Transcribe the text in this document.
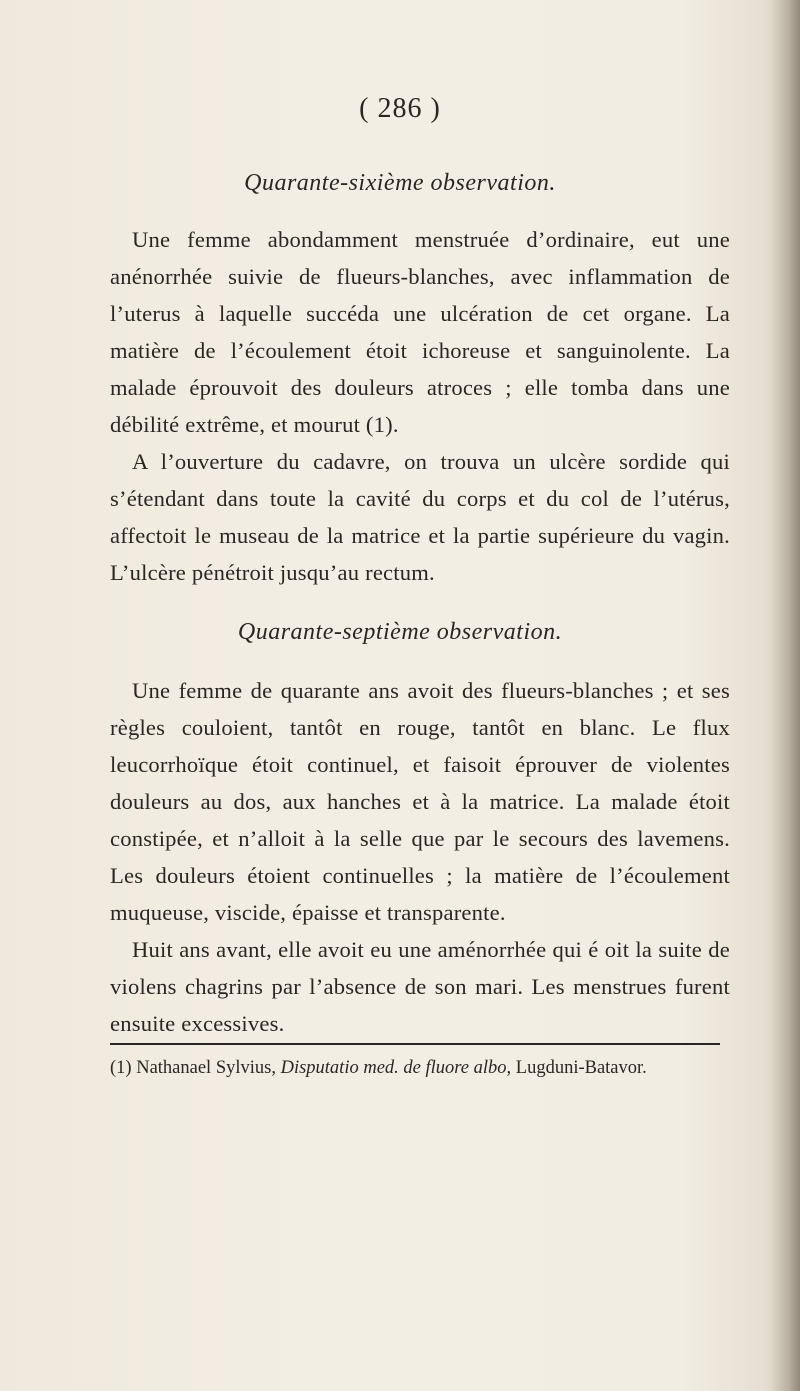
( 286 )
Quarante-sixième observation.

Une femme abondamment menstruée d’ordinaire, eut une anénorrhée suivie de flueurs-blanches, avec inflammation de l’uterus à laquelle succéda une ulcération de cet organe. La matière de l’écoulement étoit ichoreuse et sanguinolente. La malade éprouvoit des douleurs atroces ; elle tomba dans une débilité extrême, et mourut (1).

A l’ouverture du cadavre, on trouva un ulcère sordide qui s’étendant dans toute la cavité du corps et du col de l’utérus, affectoit le museau de la matrice et la partie supérieure du vagin. L’ulcère pénétroit jusqu’au rectum.

Quarante-septième observation.

Une femme de quarante ans avoit des flueurs-blanches ; et ses règles couloient, tantôt en rouge, tantôt en blanc. Le flux leucorrhoïque étoit continuel, et faisoit éprouver de violentes douleurs au dos, aux hanches et à la matrice. La malade étoit constipée, et n’alloit à la selle que par le secours des lavemens. Les douleurs étoient continuelles ; la matière de l’écoulement muqueuse, viscide, épaisse et transparente.

Huit ans avant, elle avoit eu une aménorrhée qui é oit la suite de violens chagrins par l’absence de son mari. Les menstrues furent ensuite excessives.

(1) Nathanael Sylvius, Disputatio med. de fluore albo, Lugduni-Batavor.
